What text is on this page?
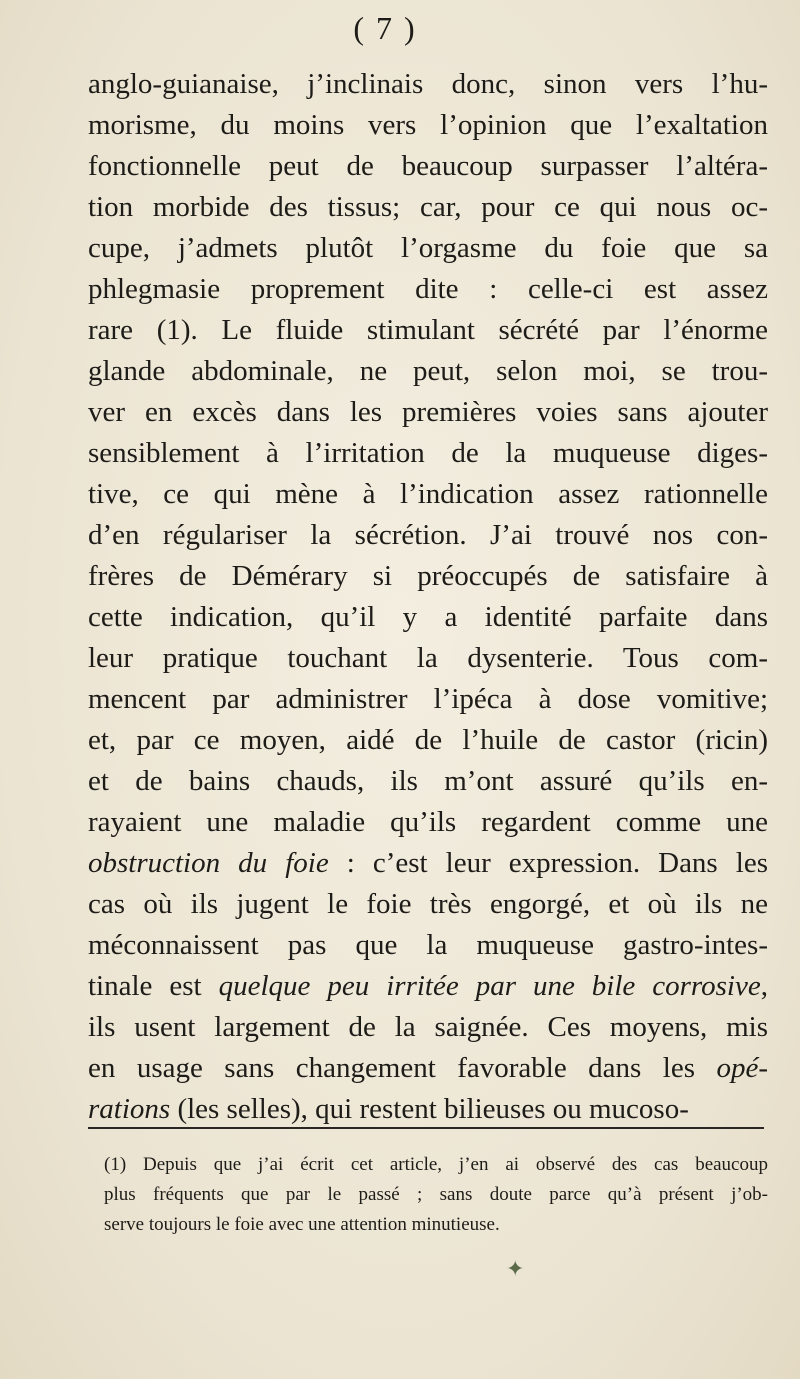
( 7 )
anglo-guianaise, j’inclinais donc, sinon vers l’hu-
morisme, du moins vers l’opinion que l’exaltation
fonctionnelle peut de beaucoup surpasser l’altéra-
tion morbide des tissus; car, pour ce qui nous oc-
cupe, j’admets plutôt l’orgasme du foie que sa
phlegmasie proprement dite : celle-ci est assez
rare (1). Le fluide stimulant sécrété par l’énorme
glande abdominale, ne peut, selon moi, se trou-
ver en excès dans les premières voies sans ajouter
sensiblement à l’irritation de la muqueuse diges-
tive, ce qui mène à l’indication assez rationnelle
d’en régulariser la sécrétion. J’ai trouvé nos con-
frères de Démérary si préoccupés de satisfaire à
cette indication, qu’il y a identité parfaite dans
leur pratique touchant la dysenterie. Tous com-
mencent par administrer l’ipéca à dose vomitive;
et, par ce moyen, aidé de l’huile de castor (ricin)
et de bains chauds, ils m’ont assuré qu’ils en-
rayaient une maladie qu’ils regardent comme une
obstruction du foie : c’est leur expression. Dans les
cas où ils jugent le foie très engorgé, et où ils ne
méconnaissent pas que la muqueuse gastro-intes-
tinale est quelque peu irritée par une bile corrosive,
ils usent largement de la saignée. Ces moyens, mis
en usage sans changement favorable dans les opé-
rations (les selles), qui restent bilieuses ou mucoso-
(1) Depuis que j’ai écrit cet article, j’en ai observé des cas beaucoup
plus fréquents que par le passé ; sans doute parce qu’à présent j’ob-
serve toujours le foie avec une attention minutieuse.
✦
